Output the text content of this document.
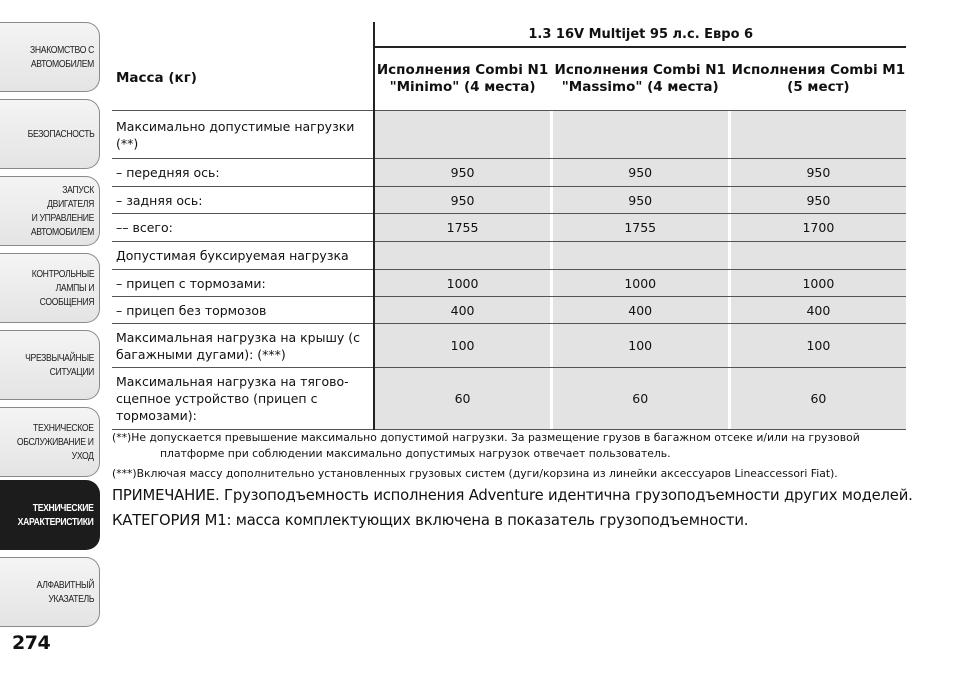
ЗНАКОМСТВО С
АВТОМОБИЛЕМ
БЕЗОПАСНОСТЬ
ЗАПУСК ДВИГАТЕЛЯ
И УПРАВЛЕНИЕ
АВТОМОБИЛЕМ
КОНТРОЛЬНЫЕ
ЛАМПЫ И
СООБЩЕНИЯ
ЧРЕЗВЫЧАЙНЫЕ
СИТУАЦИИ
ТЕХНИЧЕСКОЕ
ОБСЛУЖИВАНИЕ И
УХОД
ТЕХНИЧЕСКИЕ
ХАРАКТЕРИСТИКИ
АЛФАВИТНЫЙ
УКАЗАТЕЛЬ
274
	1.3 16V Multijet 95 л.с. Евро 6				
Масса (кг)	Исполнения Combi N1 "Minimo" (4 места)		Исполнения Combi N1 "Massimo" (4 места)		Исполнения Combi M1 (5 мест)
Максимально допустимые нагрузки (**)					
– передняя ось:	950		950		950
– задняя ось:	950		950		950
–– всего:	1755		1755		1700
Допустимая буксируемая нагрузка					
– прицеп с тормозами:	1000		1000		1000
– прицеп без тормозов	400		400		400
Максимальная нагрузка на крышу (с багажными дугами): (***)	100		100		100
Максимальная нагрузка на тягово-сцепное устройство (прицеп с тормозами):	60		60		60
(**)Не допускается превышение максимально допустимой нагрузки. За размещение грузов в багажном отсеке и/или на грузовой
платформе при соблюдении максимально допустимых нагрузок отвечает пользователь.
(***)Включая массу дополнительно установленных грузовых систем (дуги/корзина из линейки аксессуаров Lineaccessori Fiat).
ПРИМЕЧАНИЕ. Грузоподъемность исполнения Adventure идентична грузоподъемности других моделей.
КАТЕГОРИЯ M1: масса комплектующих включена в показатель грузоподъемности.
